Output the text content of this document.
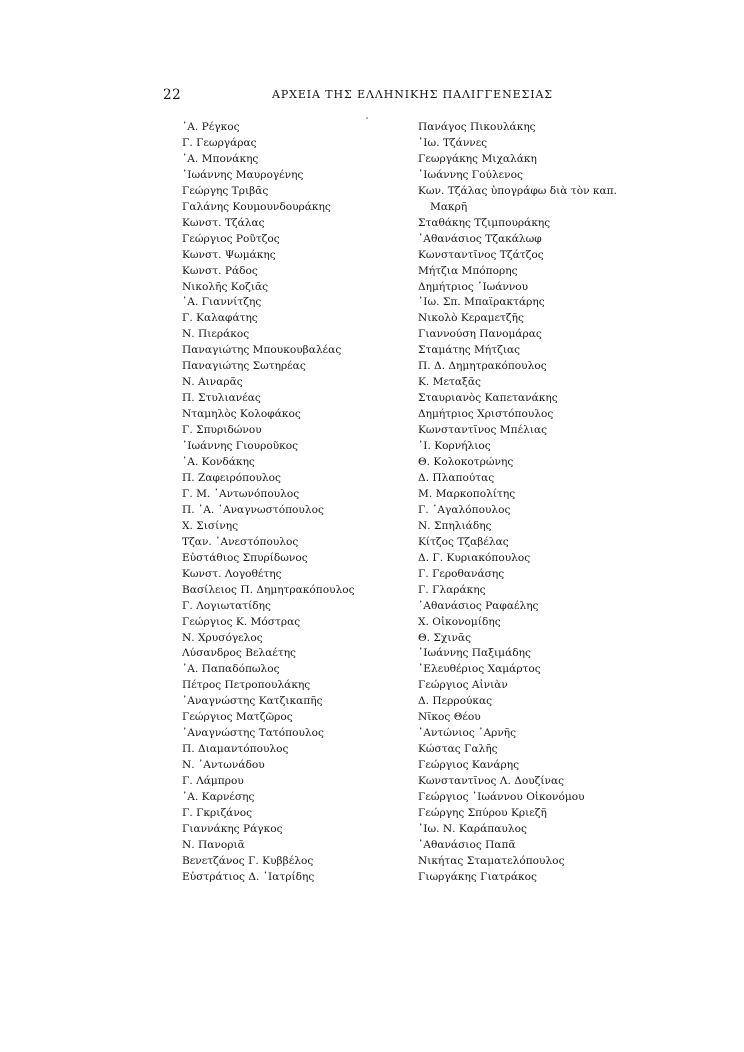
22	ΑΡΧΕΙΑ ΤΗΣ ΕΛΛΗΝΙΚΗΣ ΠΑΛΙΓΓΕΝΕΣΙΑΣ
᾿Α. Ρέγκος
Γ. Γεωργάρας
᾿Α. Μπονάκης
᾿Ιωάννης Μαυρογένης
Γεώργης Τριβᾶς
Γαλάνης Κουμουνδουράκης
Κωνστ. Τζάλας
Γεώργιος Ροῦτζος
Κωνστ. Ψωμάκης
Κωνστ. Ράδος
Νικολῆς Κοζιᾶς
᾿Α. Γιαννίτζης
Γ. Καλαφάτης
Ν. Πιεράκος
Παναγιώτης Μπουκουβαλέας
Παναγιώτης Σωτηρέας
Ν. Αιναρᾶς
Π. Στυλιανέας
Νταμηλὸς Κολοφάκος
Γ. Σπυριδώνου
᾿Ιωάννης Γιουροῦκος
᾿Α. Κονδάκης
Π. Ζαφειρόπουλος
Γ. Μ. ᾿Αντωνόπουλος
Π. ᾿Α. ᾿Αναγνωστόπουλος
Χ. Σισίνης
Τζαν. ᾿Ανεστόπουλος
Εὐστάθιος Σπυρίδωνος
Κωνστ. Λογοθέτης
Βασίλειος Π. Δημητρακόπουλος
Γ. Λογιωτατίδης
Γεώργιος Κ. Μόστρας
Ν. Χρυσόγελος
Λύσανδρος Βελαέτης
᾿Α. Παπαδόπωλος
Πέτρος Πετροπουλάκης
᾿Αναγνώστης Κατζικαπῆς
Γεώργιος Ματζῶρος
᾿Αναγνώστης Τατόπουλος
Π. Διαμαντόπουλος
Ν. ᾿Αντωνάδου
Γ. Λάμπρου
᾿Α. Καρνέσης
Γ. Γκριζάνος
Γιαννάκης Ράγκος
Ν. Πανοριᾶ
Βενετζάνος Γ. Κυββέλος
Εὐστράτιος Δ. ᾿Ιατρίδης
Πανάγος Πικουλάκης
᾿Ιω. Τζάννες
Γεωργάκης Μιχαλάκη
᾿Ιωάννης Γούλενος
Κων. Τζάλας ὑπογράφω διὰ τὸν καπ.
Μακρῆ
Σταθάκης Τζιμπουράκης
᾿Αθανάσιος Τζακάλωφ
Κωνσταντῖνος Τζάτζος
Μήτζια Μπόπορης
Δημήτριος ᾿Ιωάννου
᾿Ιω. Σπ. Μπαϊρακτάρης
Νικολὸ Κεραμετζῆς
Γιαννούση Πανομάρας
Σταμάτης Μήτζιας
Π. Δ. Δημητρακόπουλος
Κ. Μεταξᾶς
Σταυριανὸς Καπετανάκης
Δημήτριος Χριστόπουλος
Κωνσταντῖνος Μπέλιας
᾿Ι. Κορνήλιος
Θ. Κολοκοτρώνης
Δ. Πλαπούτας
Μ. Μαρκοπολίτης
Γ. ᾿Αγαλόπουλος
Ν. Σπηλιάδης
Κίτζος Τζαβέλας
Δ. Γ. Κυριακόπουλος
Γ. Γεροθανάσης
Γ. Γλαράκης
᾿Αθανάσιος Ραφαέλης
Χ. Οἰκονομίδης
Θ. Σχινᾶς
᾿Ιωάννης Παξιμάδης
᾿Ελευθέριος Χαμάρτος
Γεώργιος Αἰνιὰν
Δ. Περρούκας
Νῖκος Θέου
᾿Αντώνιος ᾿Αρνῆς
Κώστας Γαλῆς
Γεώργιος Κανάρης
Κωνσταντῖνος Λ. Δουζίνας
Γεώργιος ᾿Ιωάννου Οἰκονόμου
Γεώργης Σπύρου Κριεζῆ
᾿Ιω. Ν. Καράπαυλος
᾿Αθανάσιος Παπᾶ
Νικήτας Σταματελόπουλος
Γιωργάκης Γιατράκος
